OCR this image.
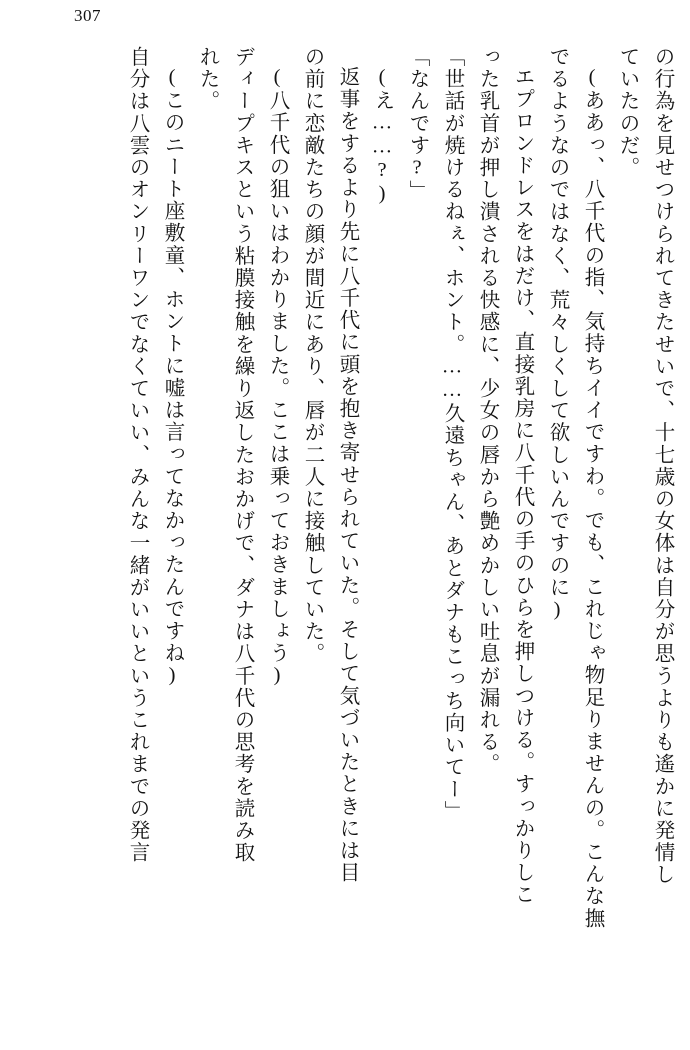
307
の行為を見せつけられてきたせいで、十七歳の女体は自分が思うよりも遙かに発情し
ていたのだ。
(ああっ、八千代の指、気持ちイイですわ。でも、これじゃ物足りませんの。こんな撫
でるようなのではなく、荒々しくして欲しいんですのに)
エプロンドレスをはだけ、直接乳房に八千代の手のひらを押しつける。すっかりしこ
った乳首が押し潰される快感に、少女の唇から艶めかしい吐息が漏れる。
「世話が焼けるねぇ、ホント。……久遠ちゃん、あとダナもこっち向いてー」
「なんです?」
(え……?)
返事をするより先に八千代に頭を抱き寄せられていた。そして気づいたときには目
の前に恋敵たちの顔が間近にあり、唇が二人に接触していた。
(八千代の狙いはわかりました。ここは乗っておきましょう)
ディープキスという粘膜接触を繰り返したおかげで、ダナは八千代の思考を読み取
れた。
(このニート座敷童、ホントに嘘は言ってなかったんですね)
自分は八雲のオンリーワンでなくていい、みんな一緒がいいというこれまでの発言
